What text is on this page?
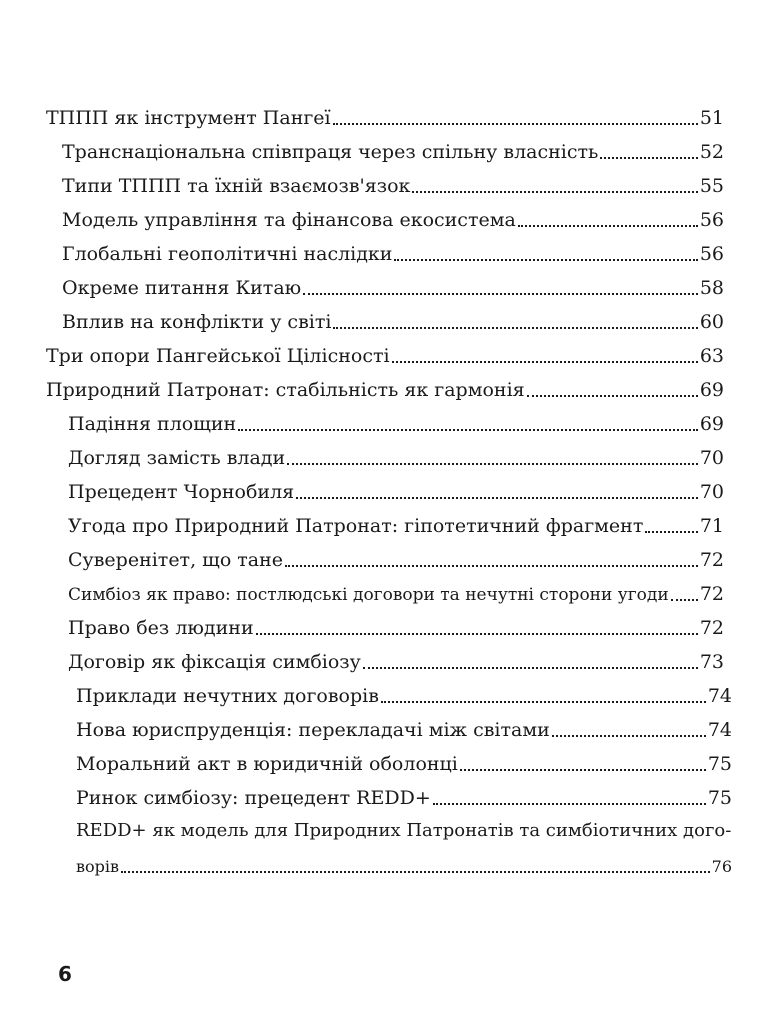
ТППП як інструмент Пангеї	51
Транснаціональна співпраця через спільну власність	52
Типи ТППП та їхній взаємозв'язок	55
Модель управління та фінансова екосистема	56
Глобальні геополітичні наслідки	56
Окреме питання Китаю	58
Вплив на конфлікти у світі	60
Три опори Пангейської Цілісності	63
Природний Патронат: стабільність як гармонія	69
Падіння площин	69
Догляд замість влади	70
Прецедент Чорнобиля	70
Угода про Природний Патронат: гіпотетичний фрагмент	71
Суверенітет, що тане	72
Симбіоз як право: постлюдські договори та нечутні сторони угоди 72
Право без людини	72
Договір як фіксація симбіозу	73
Приклади нечутних договорів	74
Нова юриспруденція: перекладачі між світами	74
Моральний акт в юридичній оболонці	75
Ринок симбіозу: прецедент REDD+	75
REDD+ як модель для Природних Патронатів та симбіотичних дого-
ворів	76
6
